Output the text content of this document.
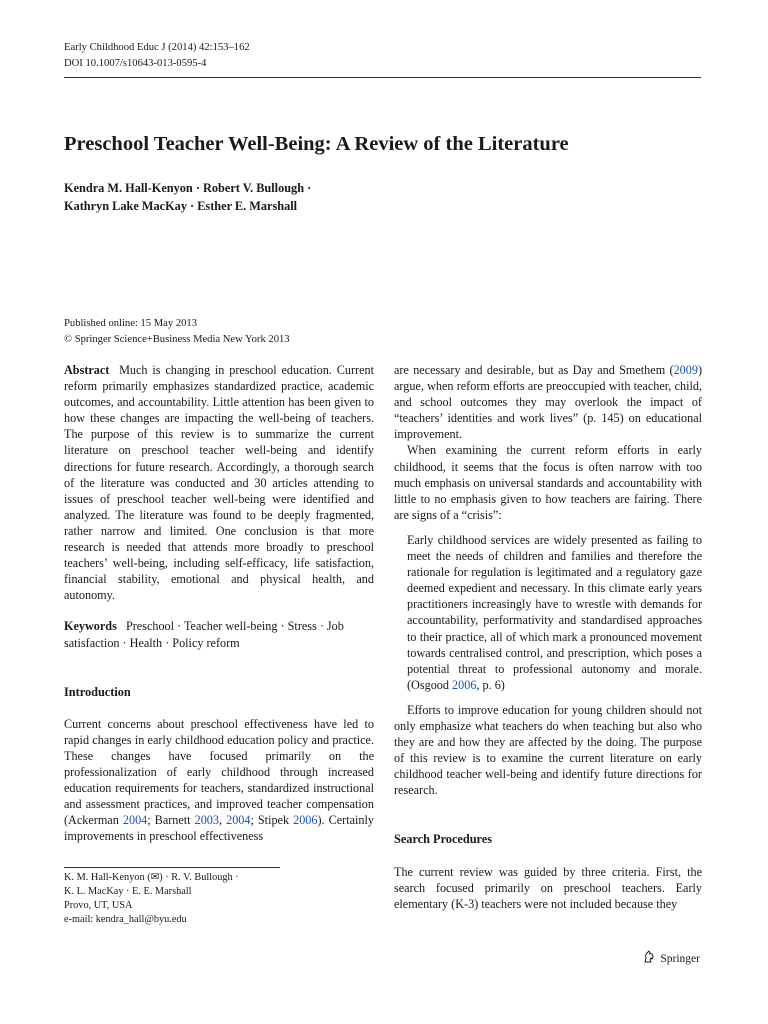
Early Childhood Educ J (2014) 42:153–162
DOI 10.1007/s10643-013-0595-4
Preschool Teacher Well-Being: A Review of the Literature
Kendra M. Hall-Kenyon · Robert V. Bullough ·
Kathryn Lake MacKay · Esther E. Marshall
Published online: 15 May 2013
© Springer Science+Business Media New York 2013

Abstract Much is changing in preschool education. Current reform primarily emphasizes standardized practice, academic outcomes, and accountability. Little attention has been given to how these changes are impacting the well-being of teachers. The purpose of this review is to summarize the current literature on preschool teacher well-being and identify directions for future research. Accordingly, a thorough search of the literature was conducted and 30 articles attending to issues of preschool teacher well-being were identified and analyzed. The literature was found to be deeply fragmented, rather narrow and limited. One conclusion is that more research is needed that attends more broadly to preschool teachers’ well-being, including self-efficacy, life satisfaction, financial stability, emotional and physical health, and autonomy.

Keywords Preschool · Teacher well-being · Stress · Job satisfaction · Health · Policy reform

Introduction

Current concerns about preschool effectiveness have led to rapid changes in early childhood education policy and practice. These changes have focused primarily on the professionalization of early childhood through increased education requirements for teachers, standardized instructional and assessment practices, and improved teacher compensation (Ackerman 2004; Barnett 2003, 2004; Stipek 2006). Certainly improvements in preschool effectiveness

K. M. Hall-Kenyon (✉) · R. V. Bullough ·
K. L. MacKay · E. E. Marshall
Provo, UT, USA
e-mail: kendra_hall@byu.edu

are necessary and desirable, but as Day and Smethem (2009) argue, when reform efforts are preoccupied with teacher, child, and school outcomes they may overlook the impact of “teachers’ identities and work lives” (p. 145) on educational improvement.

When examining the current reform efforts in early childhood, it seems that the focus is often narrow with too much emphasis on universal standards and accountability with little to no emphasis given to how teachers are fairing. There are signs of a “crisis”:

Early childhood services are widely presented as failing to meet the needs of children and families and therefore the rationale for regulation is legitimated and a regulatory gaze deemed expedient and necessary. In this climate early years practitioners increasingly have to wrestle with demands for accountability, performativity and standardised approaches to their practice, all of which mark a pronounced movement towards centralised control, and prescription, which poses a potential threat to professional autonomy and morale. (Osgood 2006, p. 6)

Efforts to improve education for young children should not only emphasize what teachers do when teaching but also who they are and how they are affected by the doing. The purpose of this review is to examine the current literature on early childhood teacher well-being and identify future directions for research.

Search Procedures

The current review was guided by three criteria. First, the search focused primarily on preschool teachers. Early elementary (K-3) teachers were not included because they

Springer
